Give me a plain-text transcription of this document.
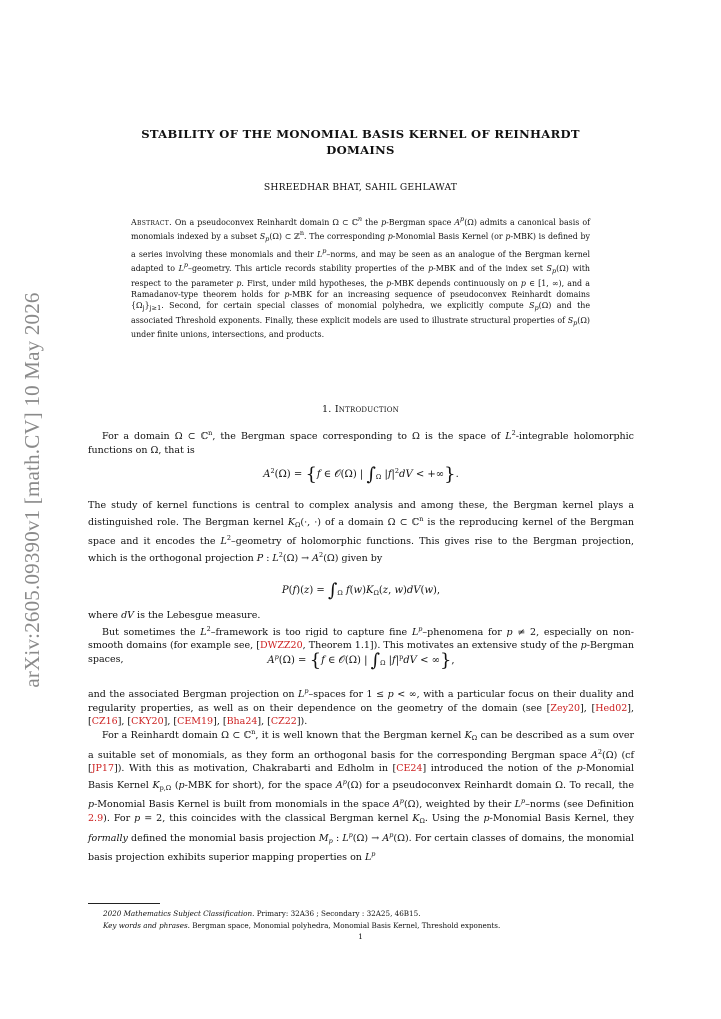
arXiv:2605.09390v1 [math.CV] 10 May 2026
STABILITY OF THE MONOMIAL BASIS KERNEL OF REINHARDT
DOMAINS
SHREEDHAR BHAT, SAHIL GEHLAWAT
Abstract. On a pseudoconvex Reinhardt domain Ω ⊂ ℂ$^n$ the p-Bergman space $A^p(\Omega)$ admits a canonical basis of monomials indexed by a subset $S_p(\Omega)$ ⊂ ℤ$^n$. The corresponding p-Monomial Basis Kernel (or p-MBK) is defined by a series involving these monomials and their $L^p$–norms, and may be seen as an analogue of the Bergman kernel adapted to $L^p$–geometry. This article records stability properties of the p-MBK and of the index set $S_p(\Omega)$ with respect to the parameter p. First, under mild hypotheses, the p-MBK depends continuously on p ∈ [1, ∞), and a Ramadanov-type theorem holds for p-MBK for an increasing sequence of pseudoconvex Reinhardt domains $\{\Omega_j\}_{j\ge 1}$. Second, for certain special classes of monomial polyhedra, we explicitly compute $S_p(\Omega)$ and the associated Threshold exponents. Finally, these explicit models are used to illustrate structural properties of $S_p(\Omega)$ under finite unions, intersections, and products.
1. Introduction
For a domain Ω ⊂ ℂ$^n$, the Bergman space corresponding to Ω is the space of $L^2$-integrable holomorphic functions on Ω, that is
$A^2(\Omega) = \{f$ ∈ 𝒪(Ω) | $\int_\Omega$ $|f|^2dV$ < +∞}.
The study of kernel functions is central to complex analysis and among these, the Bergman kernel plays a distinguished role. The Bergman kernel $K_\Omega(\cdot$, ·) of a domain Ω ⊂ ℂ$^n$ is the reproducing kernel of the Bergman space and it encodes the $L^2$–geometry of holomorphic functions. This gives rise to the Bergman projection, which is the orthogonal projection P : $L^2(\Omega) \to A^2(\Omega)$ given by
$P(f)(z) = \int_\Omega$ $f(w)K_\Omega(z$, w)dV(w),
where dV is the Lebesgue measure.
But sometimes the $L^2$–framework is too rigid to capture fine $L^p$–phenomena for p ≠ 2, especially on non-smooth domains (for example see, [DWZZ20, Theorem 1.1]). This motivates an extensive study of the p-Bergman spaces,	$A^p(\Omega) = \{f$ ∈ 𝒪(Ω) | $\int_\Omega$ $|f|^pdV$ < ∞},
and the associated Bergman projection on $L^p$–spaces for 1 ≤ p < ∞, with a particular focus on their duality and regularity properties, as well as on their dependence on the geometry of the domain (see [Zey20], [Hed02], [CZ16], [CKY20], [CEM19], [Bha24], [CZ22]).
For a Reinhardt domain Ω ⊂ ℂ$^n$, it is well known that the Bergman kernel $K_\Omega$ can be described as a sum over a suitable set of monomials, as they form an orthogonal basis for the corresponding Bergman space $A^2(\Omega)$ (cf [JP17]). With this as motivation, Chakrabarti and Edholm in [CE24] introduced the notion of the p-Monomial Basis Kernel $K_{p,\Omega}$ (p-MBK for short), for the space $A^p(\Omega)$ for a pseudoconvex Reinhardt domain Ω. To recall, the p-Monomial Basis Kernel is built from monomials in the space $A^p(\Omega)$, weighted by their $L^p$–norms (see Definition 2.9). For p = 2, this coincides with the classical Bergman kernel $K_\Omega$. Using the p-Monomial Basis Kernel, they formally defined the monomial basis projection $M_p$ : $L^p(\Omega) \to A^p(\Omega)$. For certain classes of domains, the monomial basis projection exhibits superior mapping properties on $L^p$
2020 Mathematics Subject Classification. Primary: 32A36 ; Secondary : 32A25, 46B15.
Key words and phrases. Bergman space, Monomial polyhedra, Monomial Basis Kernel, Threshold exponents.
1
